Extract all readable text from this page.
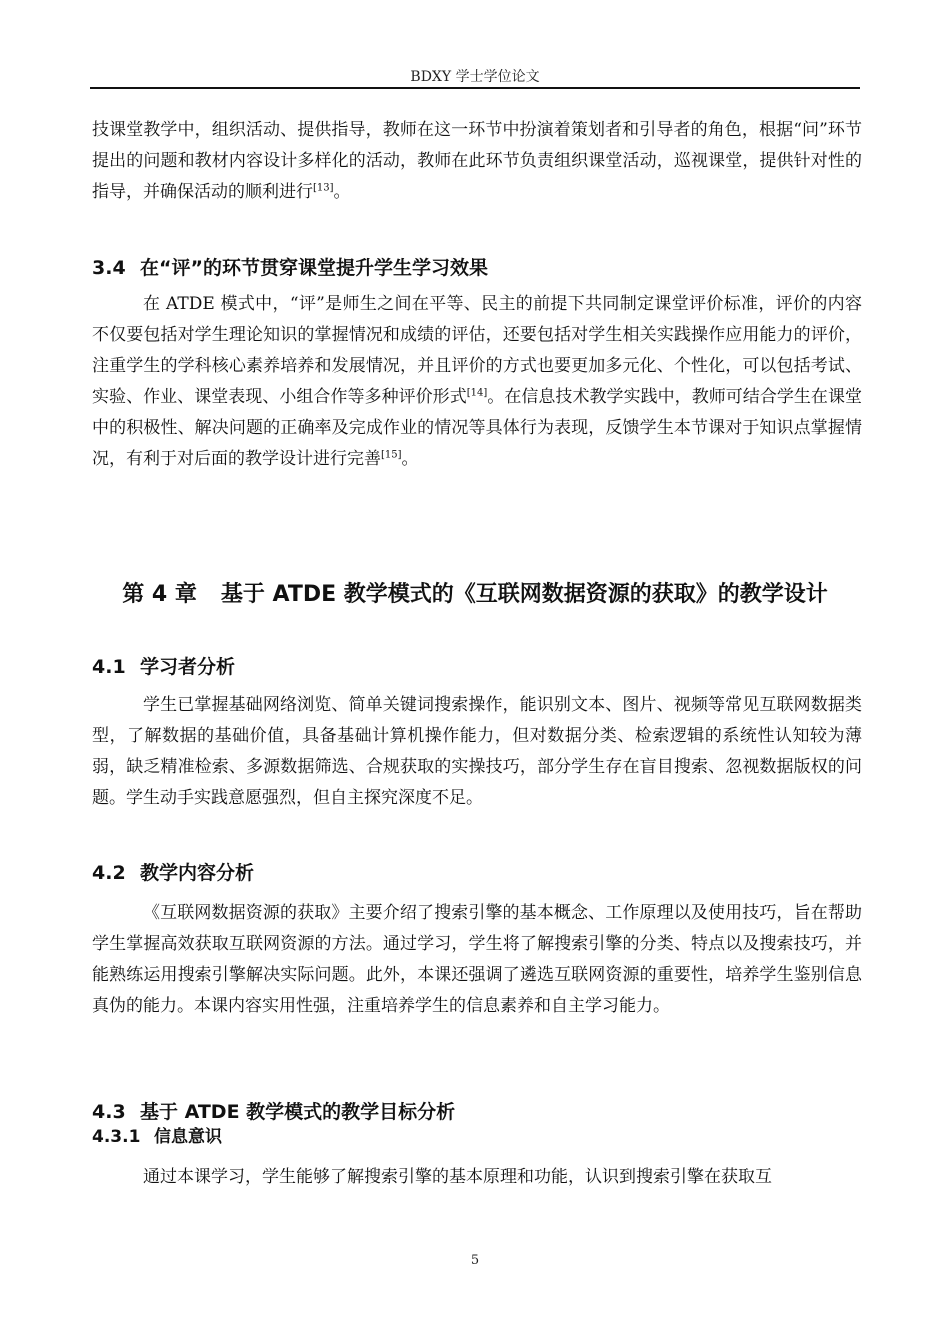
BDXY 学士学位论文

技课堂教学中，组织活动、提供指导，教师在这一环节中扮演着策划者和引导者的角色，根据“问”环节提出的问题和教材内容设计多样化的活动，教师在此环节负责组织课堂活动，巡视课堂，提供针对性的指导，并确保活动的顺利进行[13]。

3.4 在“评”的环节贯穿课堂提升学生学习效果

在 ATDE 模式中，“评”是师生之间在平等、民主的前提下共同制定课堂评价标准，评价的内容不仅要包括对学生理论知识的掌握情况和成绩的评估，还要包括对学生相关实践操作应用能力的评价，注重学生的学科核心素养培养和发展情况，并且评价的方式也要更加多元化、个性化，可以包括考试、实验、作业、课堂表现、小组合作等多种评价形式[14]。在信息技术教学实践中，教师可结合学生在课堂中的积极性、解决问题的正确率及完成作业的情况等具体行为表现，反馈学生本节课对于知识点掌握情况，有利于对后面的教学设计进行完善[15]。

第 4 章 基于 ATDE 教学模式的《互联网数据资源的获取》的教学设计
4.1 学习者分析

学生已掌握基础网络浏览、简单关键词搜索操作，能识别文本、图片、视频等常见互联网数据类型，了解数据的基础价值，具备基础计算机操作能力，但对数据分类、检索逻辑的系统性认知较为薄弱，缺乏精准检索、多源数据筛选、合规获取的实操技巧，部分学生存在盲目搜索、忽视数据版权的问题。学生动手实践意愿强烈，但自主探究深度不足。

4.2 教学内容分析

《互联网数据资源的获取》主要介绍了搜索引擎的基本概念、工作原理以及使用技巧，旨在帮助学生掌握高效获取互联网资源的方法。通过学习，学生将了解搜索引擎的分类、特点以及搜索技巧，并能熟练运用搜索引擎解决实际问题。此外，本课还强调了遴选互联网资源的重要性，培养学生鉴别信息真伪的能力。本课内容实用性强，注重培养学生的信息素养和自主学习能力。

4.3 基于 ATDE 教学模式的教学目标分析
4.3.1 信息意识

通过本课学习，学生能够了解搜索引擎的基本原理和功能，认识到搜索引擎在获取互

5
